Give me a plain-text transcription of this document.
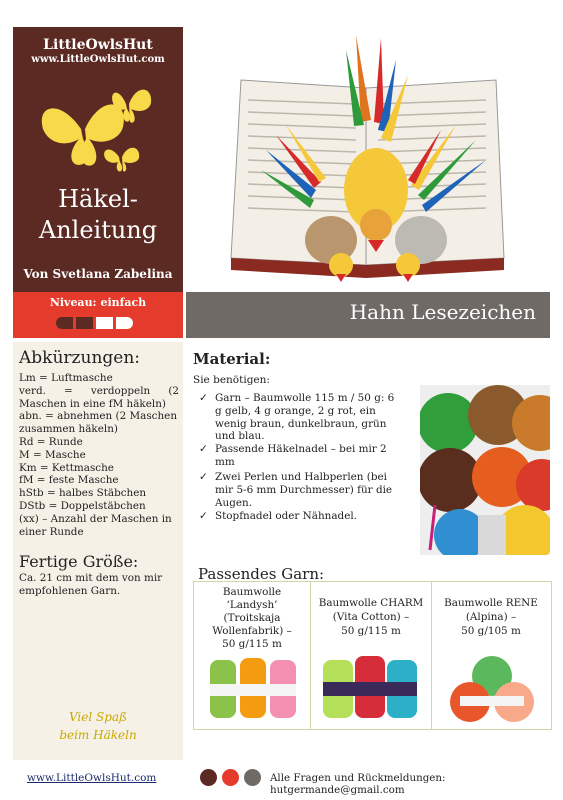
LittleOwlsHut
www.LittleOwlsHut.com
Häkel-
Anleitung
Von Svetlana Zabelina
Niveau: einfach	Hahn Lesezeichen
Abkürzungen:
Lm = Luftmasche
verd. = verdoppeln (2 Maschen in eine fM häkeln)
abn. = abnehmen (2 Maschen zusammen häkeln)
Rd = Runde
M = Masche
Km = Kettmasche
fM = feste Masche
hStb = halbes Stäbchen
DStb = Doppelstäbchen
(xx) – Anzahl der Maschen in einer Runde
Fertige Größe:
Ca. 21 cm mit dem von mir empfohlenen Garn.
Viel Spaß
beim Häkeln
Material:
Sie benötigen:
✓ Garn – Baumwolle 115 m / 50 g: 6 g gelb, 4 g orange, 2 g rot, ein wenig braun, dunkelbraun, grün und blau.
✓ Passende Häkelnadel – bei mir 2 mm
✓ Zwei Perlen und Halbperlen (bei mir 5-6 mm Durchmesser) für die Augen.
✓ Stopfnadel oder Nähnadel.
Passendes Garn:
Baumwolle
‘Landysh’
(Troitskaja
Wollenfabrik) –
50 g/115 m
Baumwolle CHARM
(Vita Cotton) –
50 g/115 m
Baumwolle RENE
(Alpina) –
50 g/105 m
www.LittleOwlsHut.com	Alle Fragen und Rückmeldungen: hutgermande@gmail.com
